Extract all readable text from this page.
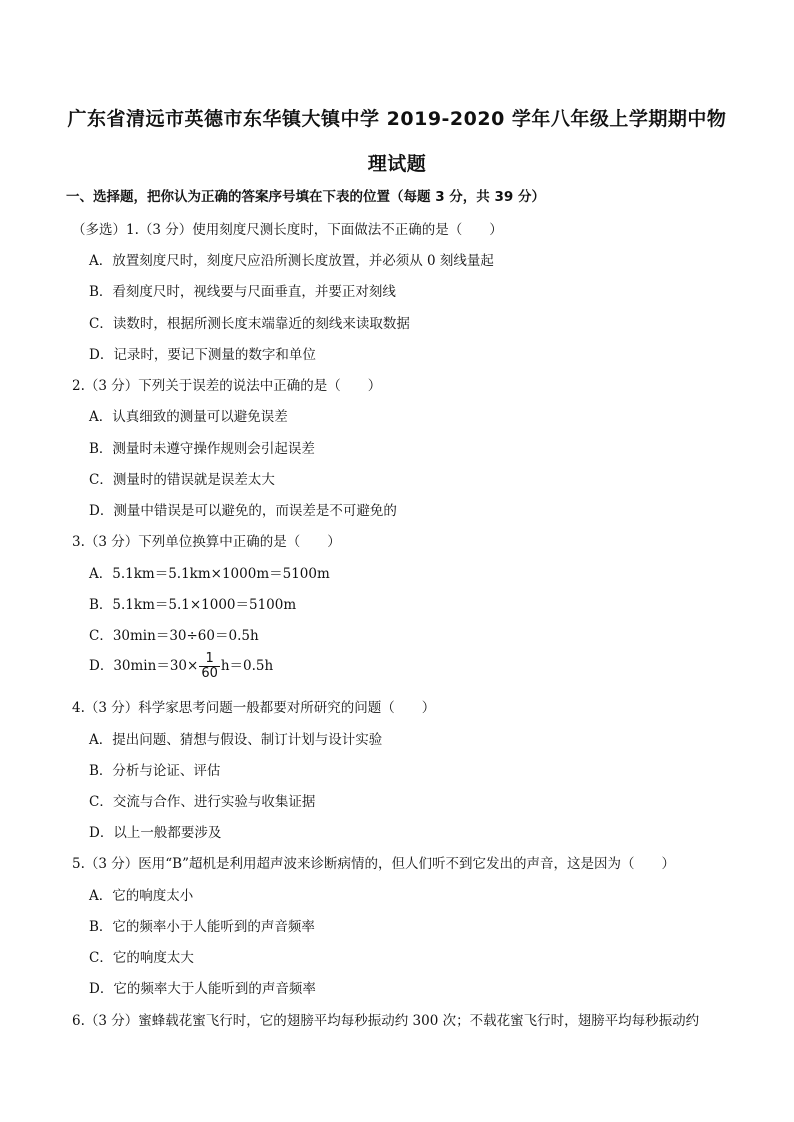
广东省清远市英德市东华镇大镇中学 2019-2020 学年八年级上学期期中物
理试题
一、选择题，把你认为正确的答案序号填在下表的位置（每题 3 分，共 39 分）
（多选）1.（3 分）使用刻度尺测长度时，下面做法不正确的是（　　）
A．放置刻度尺时，刻度尺应沿所测长度放置，并必须从 0 刻线量起
B．看刻度尺时，视线要与尺面垂直，并要正对刻线
C．读数时，根据所测长度末端靠近的刻线来读取数据
D．记录时，要记下测量的数字和单位
2.（3 分）下列关于误差的说法中正确的是（　　）
A．认真细致的测量可以避免误差
B．测量时未遵守操作规则会引起误差
C．测量时的错误就是误差太大
D．测量中错误是可以避免的，而误差是不可避免的
3.（3 分）下列单位换算中正确的是（　　）
A．5.1km＝5.1km×1000m＝5100m
B．5.1km＝5.1×1000＝5100m
C．30min＝30÷60＝0.5h
D．$30\min=30\times \frac{1}{60} h=0.5h$
4.（3 分）科学家思考问题一般都要对所研究的问题（　　）
A．提出问题、猜想与假设、制订计划与设计实验
B．分析与论证、评估
C．交流与合作、进行实验与收集证据
D．以上一般都要涉及
5.（3 分）医用“B”超机是利用超声波来诊断病情的，但人们听不到它发出的声音，这是因为（　　）
A．它的响度太小
B．它的频率小于人能听到的声音频率
C．它的响度太大
D．它的频率大于人能听到的声音频率
6.（3 分）蜜蜂载花蜜飞行时，它的翅膀平均每秒振动约 300 次；不载花蜜飞行时，翅膀平均每秒振动约
